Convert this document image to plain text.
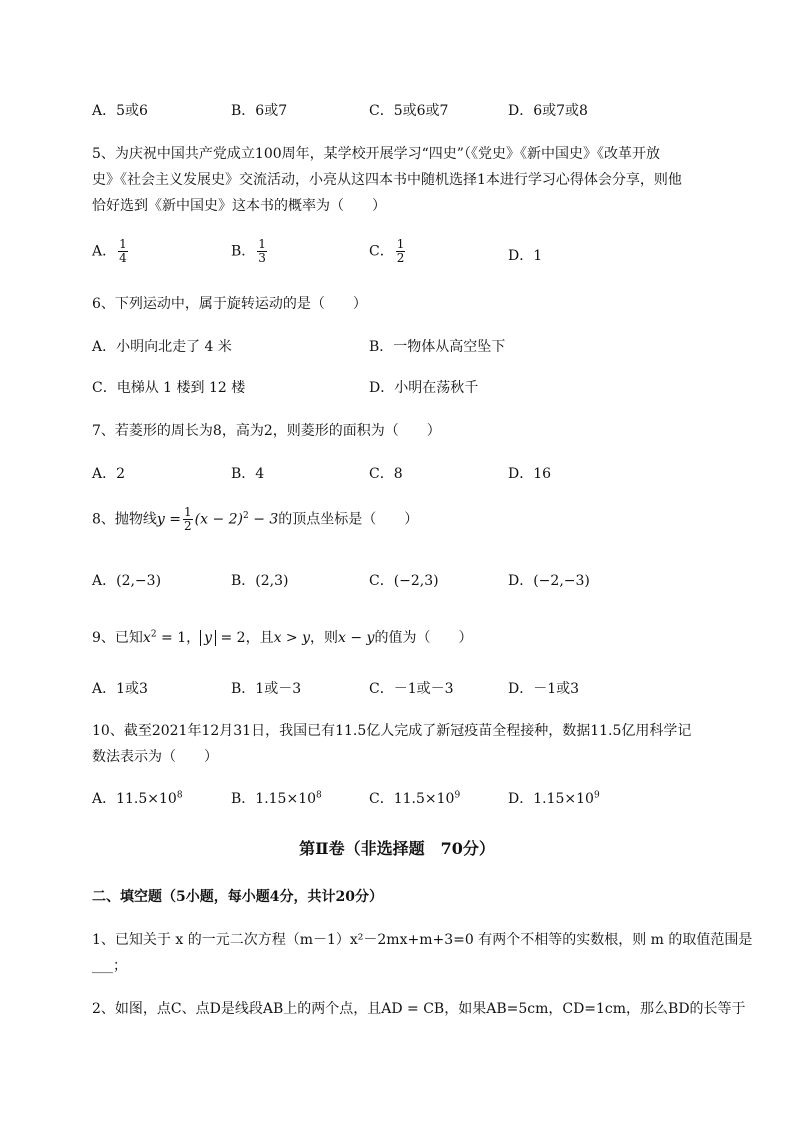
A．5或6	B．6或7	C．5或6或7	D．6或7或8
5、为庆祝中国共产党成立100周年，某学校开展学习“四史”（《党史》《新中国史》《改革开放
史》《社会主义发展史》交流活动，小亮从这四本书中随机选择1本进行学习心得体会分享，则他
恰好选到《新中国史》这本书的概率为（　　）
A． $\frac{1}{4}$	B． $\frac{1}{3}$	C． $\frac{1}{2}$	D．1
6、下列运动中，属于旋转运动的是（　　）
A．小明向北走了 4 米	B．一物体从高空坠下
C．电梯从 1 楼到 12 楼	D．小明在荡秋千
7、若菱形的周长为8，高为2，则菱形的面积为（　　）
A．2	B．4	C．8	D．16
8、抛物线$y = \frac{1}{2} (x - 2)^2 - 3$的顶点坐标是（　　）
A．(2,−3)	B．(2,3)	C．(−2,3)	D．(−2,−3)
9、已知$x^2 = 1$， y = 2，且x > y，则x − y的值为（　　）
A．1或3	B．1或－3	C．－1或－3	D．－1或3
10、截至2021年12月31日，我国已有11.5亿人完成了新冠疫苗全程接种，数据11.5亿用科学记
数法表示为（　　）
A．$11.5\times 10^8$	B．$1.15\times 10^8$	C．$11.5\times 10^9$	D．$1.15\times 10^9$
第Ⅱ卷（非选择题　70分）
二、填空题（5小题，每小题4分，共计20分）
1、已知关于 x 的一元二次方程（m－1）x²－2mx+m+3=0 有两个不相等的实数根，则 m 的取值范围是
___；
2、如图，点C、点D是线段AB上的两个点，且AD = CB，如果AB=5cm，CD=1cm，那么BD的长等于
